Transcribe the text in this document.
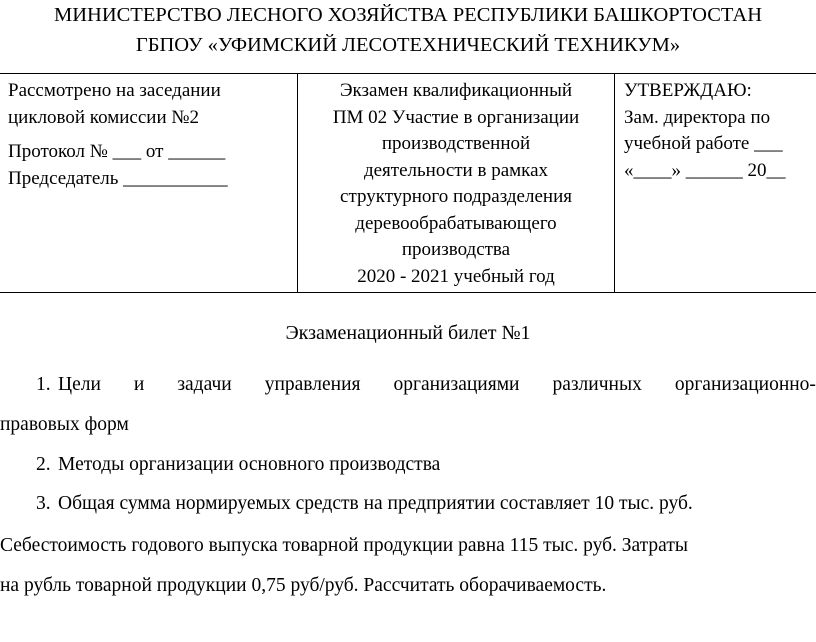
МИНИСТЕРСТВО ЛЕСНОГО ХОЗЯЙСТВА РЕСПУБЛИКИ БАШКОРТОСТАН
ГБПОУ «УФИМСКИЙ ЛЕСОТЕХНИЧЕСКИЙ ТЕХНИКУМ»
Рассмотрено на заседании
цикловой комиссии №2
Протокол № ___ от ______
Председатель ___________
Экзамен квалификационный
ПМ 02 Участие в организации
производственной
деятельности в рамках
структурного подразделения
деревообрабатывающего
производства
2020 - 2021 учебный год
УТВЕРЖДАЮ:
Зам. директора по
учебной работе ___
«____» ______ 20__
Экзаменационный билет №1
1. Цели и задачи управления организациями различных организационно-
правовых форм
2. Методы организации основного производства
3. Общая сумма нормируемых средств на предприятии составляет 10 тыс. руб.
Себестоимость годового выпуска товарной продукции равна 115 тыс. руб. Затраты
на рубль товарной продукции 0,75 руб/руб. Рассчитать оборачиваемость.
